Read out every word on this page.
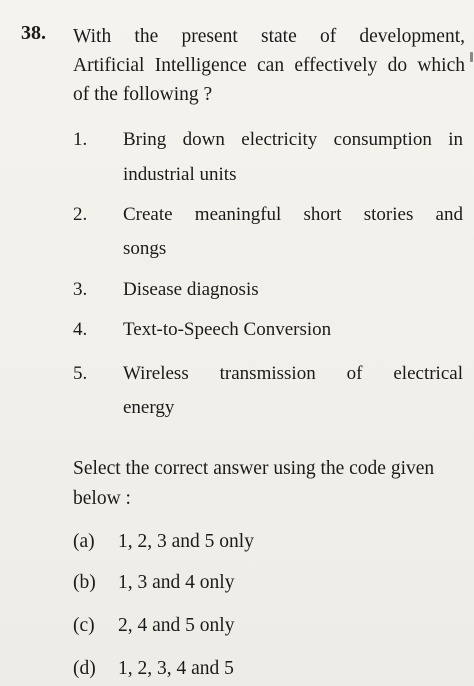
38. With the present state of development,
Artificial Intelligence can effectively do which
of the following ?
1. Bring down electricity consumption in
industrial units
2. Create meaningful short stories and
songs
3. Disease diagnosis
4. Text-to-Speech Conversion
5. Wireless transmission of electrical
energy
Select the correct answer using the code given
below :
(a) 1, 2, 3 and 5 only
(b) 1, 3 and 4 only
(c) 2, 4 and 5 only
(d) 1, 2, 3, 4 and 5
